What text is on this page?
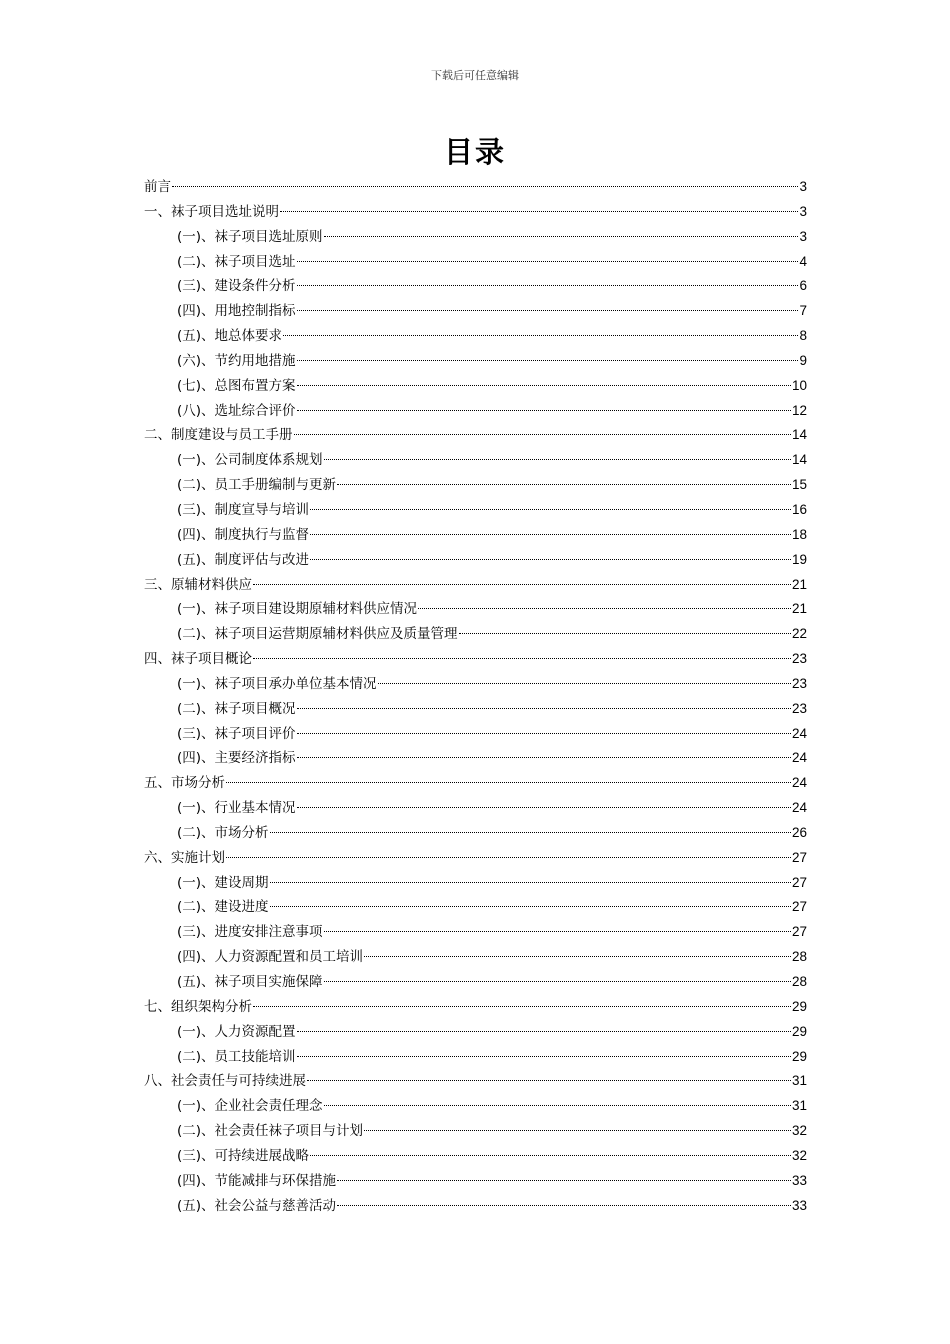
下载后可任意编辑
目录
前言	3
一、袜子项目选址说明	3
(一)、袜子项目选址原则	3
(二)、袜子项目选址	4
(三)、建设条件分析	6
(四)、用地控制指标	7
(五)、地总体要求	8
(六)、节约用地措施	9
(七)、总图布置方案	10
(八)、选址综合评价	12
二、制度建设与员工手册	14
(一)、公司制度体系规划	14
(二)、员工手册编制与更新	15
(三)、制度宣导与培训	16
(四)、制度执行与监督	18
(五)、制度评估与改进	19
三、原辅材料供应	21
(一)、袜子项目建设期原辅材料供应情况	21
(二)、袜子项目运营期原辅材料供应及质量管理	22
四、袜子项目概论	23
(一)、袜子项目承办单位基本情况	23
(二)、袜子项目概况	23
(三)、袜子项目评价	24
(四)、主要经济指标	24
五、市场分析	24
(一)、行业基本情况	24
(二)、市场分析	26
六、实施计划	27
(一)、建设周期	27
(二)、建设进度	27
(三)、进度安排注意事项	27
(四)、人力资源配置和员工培训	28
(五)、袜子项目实施保障	28
七、组织架构分析	29
(一)、人力资源配置	29
(二)、员工技能培训	29
八、社会责任与可持续进展	31
(一)、企业社会责任理念	31
(二)、社会责任袜子项目与计划	32
(三)、可持续进展战略	32
(四)、节能减排与环保措施	33
(五)、社会公益与慈善活动	33
